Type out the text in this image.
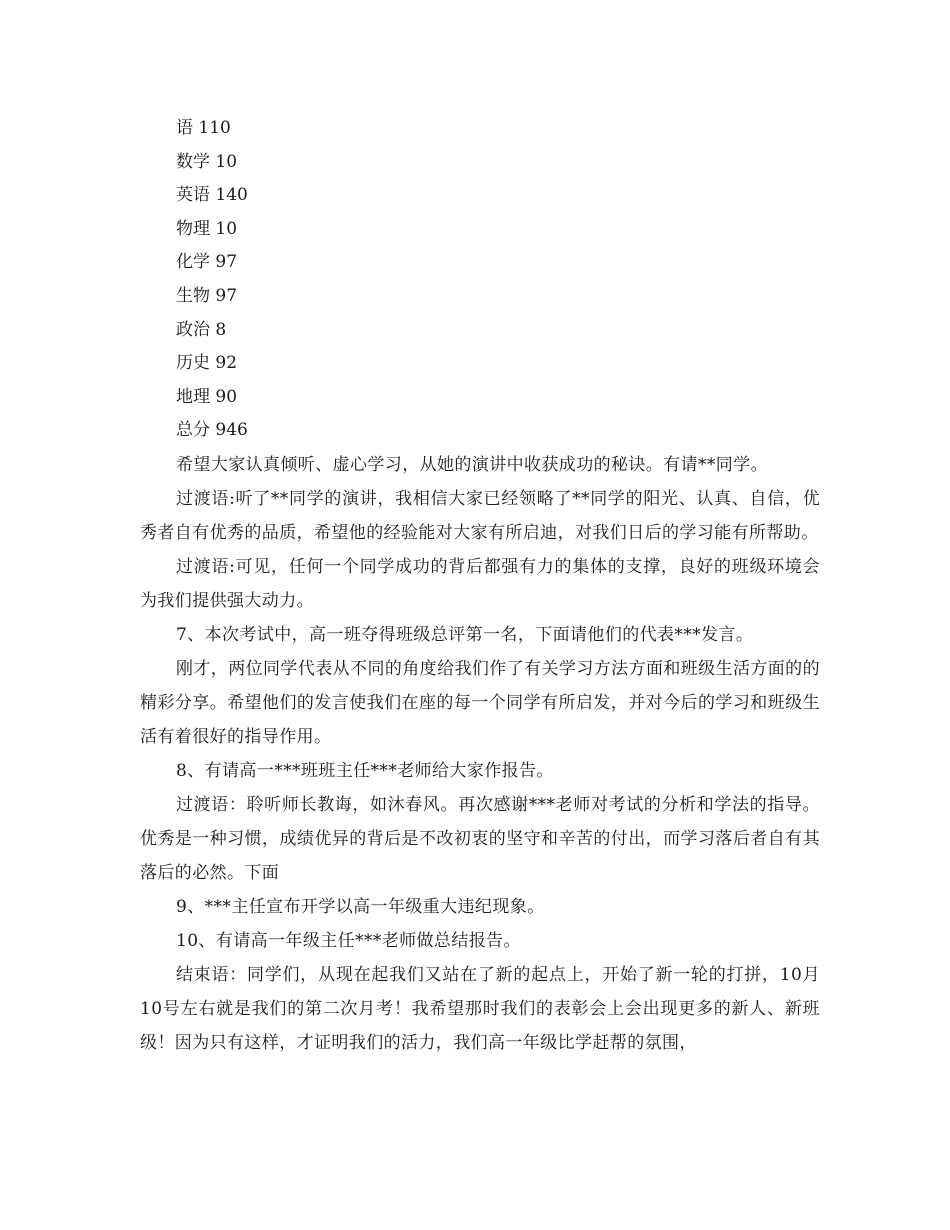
语 110
数学 10
英语 140
物理 10
化学 97
生物 97
政治 8
历史 92
地理 90
总分 946

希望大家认真倾听、虚心学习，从她的演讲中收获成功的秘诀。有请**同学。

过渡语:听了**同学的演讲，我相信大家已经领略了**同学的阳光、认真、自信，优秀者自有优秀的品质，希望他的经验能对大家有所启迪，对我们日后的学习能有所帮助。

过渡语:可见，任何一个同学成功的背后都强有力的集体的支撑，良好的班级环境会为我们提供强大动力。

7、本次考试中，高一班夺得班级总评第一名，下面请他们的代表***发言。

刚才，两位同学代表从不同的角度给我们作了有关学习方法方面和班级生活方面的的精彩分享。希望他们的发言使我们在座的每一个同学有所启发，并对今后的学习和班级生活有着很好的指导作用。

8、有请高一***班班主任***老师给大家作报告。

过渡语：聆听师长教诲，如沐春风。再次感谢***老师对考试的分析和学法的指导。优秀是一种习惯，成绩优异的背后是不改初衷的坚守和辛苦的付出，而学习落后者自有其落后的必然。下面

9、***主任宣布开学以高一年级重大违纪现象。

10、有请高一年级主任***老师做总结报告。

结束语：同学们，从现在起我们又站在了新的起点上，开始了新一轮的打拼，10月10号左右就是我们的第二次月考！我希望那时我们的表彰会上会出现更多的新人、新班级！因为只有这样，才证明我们的活力，我们高一年级比学赶帮的氛围，
